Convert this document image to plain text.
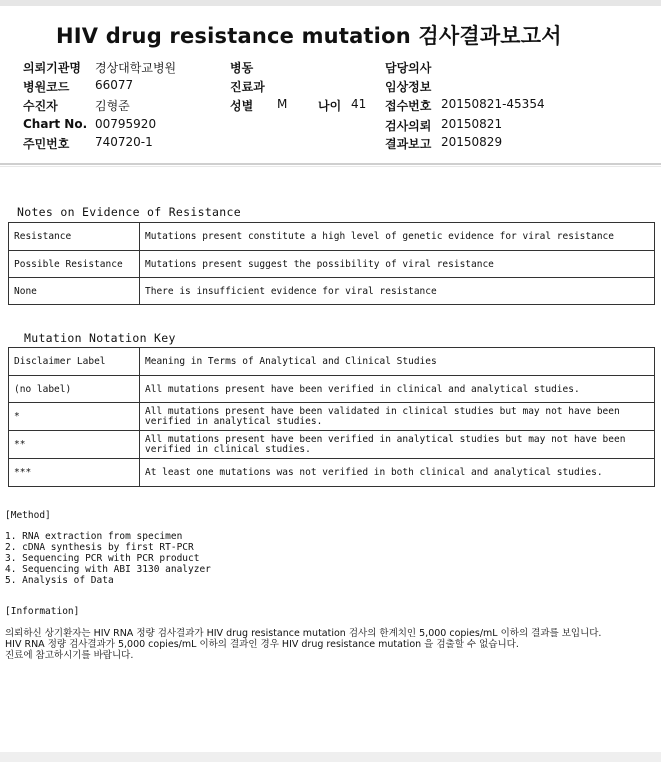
HIV drug resistance mutation 검사결과보고서
의뢰기관명 경상대학교병원
병원코드 66077
수진자	김형준
Chart No. 00795920
주민번호 740720-1
병동
진료과
성별 M	나이 41
담당의사
임상정보
접수번호 20150821-45354
검사의뢰 20150821
결과보고 20150829
Notes on Evidence of Resistance
Resistance	Mutations present constitute a high level of genetic evidence for viral resistance
Possible Resistance	Mutations present suggest the possibility of viral resistance
None	There is insufficient evidence for viral resistance
Mutation Notation Key
Disclaimer Label	Meaning in Terms of Analytical and Clinical Studies
(no label)	All mutations present have been verified in clinical and analytical studies.
*	All mutations present have been validated in clinical studies but may not have been verified in analytical studies.
**	All mutations present have been verified in analytical studies but may not have been verified in clinical studies.
***	At least one mutations was not verified in both clinical and analytical studies.
[Method]
1. RNA extraction from specimen
2. cDNA synthesis by first RT-PCR
3. Sequencing PCR with PCR product
4. Sequencing with ABI 3130 analyzer
5. Analysis of Data
[Information]
의뢰하신 상기환자는 HIV RNA 정량 검사결과가 HIV drug resistance mutation 검사의 한계치인 5,000 copies/mL 이하의 결과를 보입니다.
HIV RNA 정량 검사결과가 5,000 copies/mL 이하의 결과인 경우 HIV drug resistance mutation 을 검출할 수 없습니다.
진료에 참고하시기를 바랍니다.
